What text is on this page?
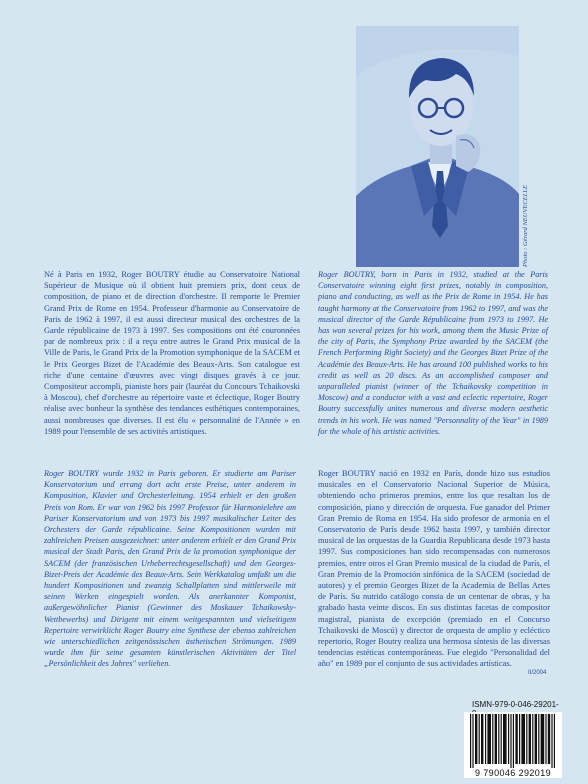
Photo : Gérard NEUVECELLE

Né à Paris en 1932, Roger BOUTRY étudie au Conservatoire National Supérieur de Musique où il obtient huit premiers prix, dont ceux de composition, de piano et de direction d'orchestre. Il remporte le Premier Grand Prix de Rome en 1954. Professeur d'harmonie au Conservatoire de Paris de 1962 à 1997, il est aussi directeur musical des orchestres de la Garde républicaine de 1973 à 1997. Ses compositions ont été couronnées par de nombreux prix : il a reçu entre autres le Grand Prix musical de la Ville de Paris, le Grand Prix de la Promotion symphonique de la SACEM et le Prix Georges Bizet de l'Académie des Beaux-Arts. Son catalogue est riche d'une centaine d'œuvres avec vingt disques gravés à ce jour. Compositeur accompli, pianiste hors pair (lauréat du Concours Tchaikovski à Moscou), chef d'orchestre au répertoire vaste et éclectique, Roger Boutry réalise avec bonheur la synthèse des tendances esthétiques contemporaines, aussi nombreuses que diverses. Il est élu « personnalité de l'Année » en 1989 pour l'ensemble de ses activités artistiques.

Roger BOUTRY, born in Paris in 1932, studied at the Paris Conservatoire winning eight first prizes, notably in composition, piano and conducting, as well as the Prix de Rome in 1954. He has taught harmony at the Conservatoire from 1962 to 1997, and was the musical director of the Garde Républicaine from 1973 to 1997. He has won several prizes for his work, among them the Music Prize of the city of Paris, the Symphony Prize awarded by the SACEM (the French Performing Right Society) and the Georges Bizet Prize of the Académie des Beaux-Arts. He has around 100 published works to his credit as well as 20 discs. As an accomplished composer and unparalleled pianist (winner of the Tchaikovsky competition in Moscow) and a conductor with a vast and eclectic repertoire, Roger Boutry successfully unites numerous and diverse modern aesthetic trends in his work. He was named "Personnality of the Year" in 1989 for the whole of his artistic activities.

Roger BOUTRY wurde 1932 in Paris geboren. Er studierte am Pariser Konservatorium und errang dort acht erste Preise, unter anderem in Komposition, Klavier und Orchesterleitung. 1954 erhielt er den großen Preis von Rom. Er war von 1962 bis 1997 Professor für Harmonielehre am Pariser Konservatorium und von 1973 bis 1997 musikalischer Leiter des Orchesters der Garde républicaine. Seine Kompositionen wurden mit zahlreichen Preisen ausgezeichnet: unter anderem erhielt er den Grand Prix musical der Stadt Paris, den Grand Prix de la promotion symphonique der SACEM (der französischen Urheberrechtsgesellschaft) und den Georges-Bizet-Preis der Académie des Beaux-Arts. Sein Werkkatalog umfaßt um die hundert Kompositionen und zwanzig Schallplatten sind mittlerweile mit seinen Werken eingespielt worden. Als anerkannter Komponist, außergewöhnlicher Pianist (Gewinner des Moskauer Tchaikowsky-Wettbewerbs) und Dirigent mit einem weitgespannten und vielseitigem Repertoire verwirklicht Roger Boutry eine Synthese der ebenso zahlreichen wie unterschiedlichen zeitgenössischen ästhetischen Strömungen. 1989 wurde ihm für seine gesamten künstlerischen Aktivitäten der Titel „Persönlichkeit des Jahres" verliehen.

Roger BOUTRY nació en 1932 en París, donde hizo sus estudios musicales en el Conservatorio Nacional Superior de Música, obteniendo ocho primeros premios, entre los que resaltan los de composición, piano y dirección de orquesta. Fue ganador del Primer Gran Premio de Roma en 1954. Ha sido profesor de armonía en el Conservatorio de París desde 1962 hasta 1997, y también director musical de las orquestas de la Guardia Republicana desde 1973 hasta 1997. Sus composiciones han sido recompensadas con numerosos premios, entre otros el Gran Premio musical de la ciudad de París, el Gran Premio de la Promoción sinfónica de la SACEM (sociedad de autores) y el premio Georges Bizet de la Academia de Bellas Artes de París. Su nutrido catálogo consta de un centenar de obras, y ha grabado hasta veinte discos. En sus distintas facetas de compositor magistral, pianista de excepción (premiado en el Concurso Tchaikovski de Moscú) y director de orquesta de amplio y ecléctico repertorio, Roger Boutry realiza una hermosa síntesis de las diversas tendencias estéticas contemporáneas. Fue elegido "Personalidad del año" en 1989 por el conjunto de sus actividades artísticas.

II/2004
ISMN-979-0-046-29201-
9 790046 292019
